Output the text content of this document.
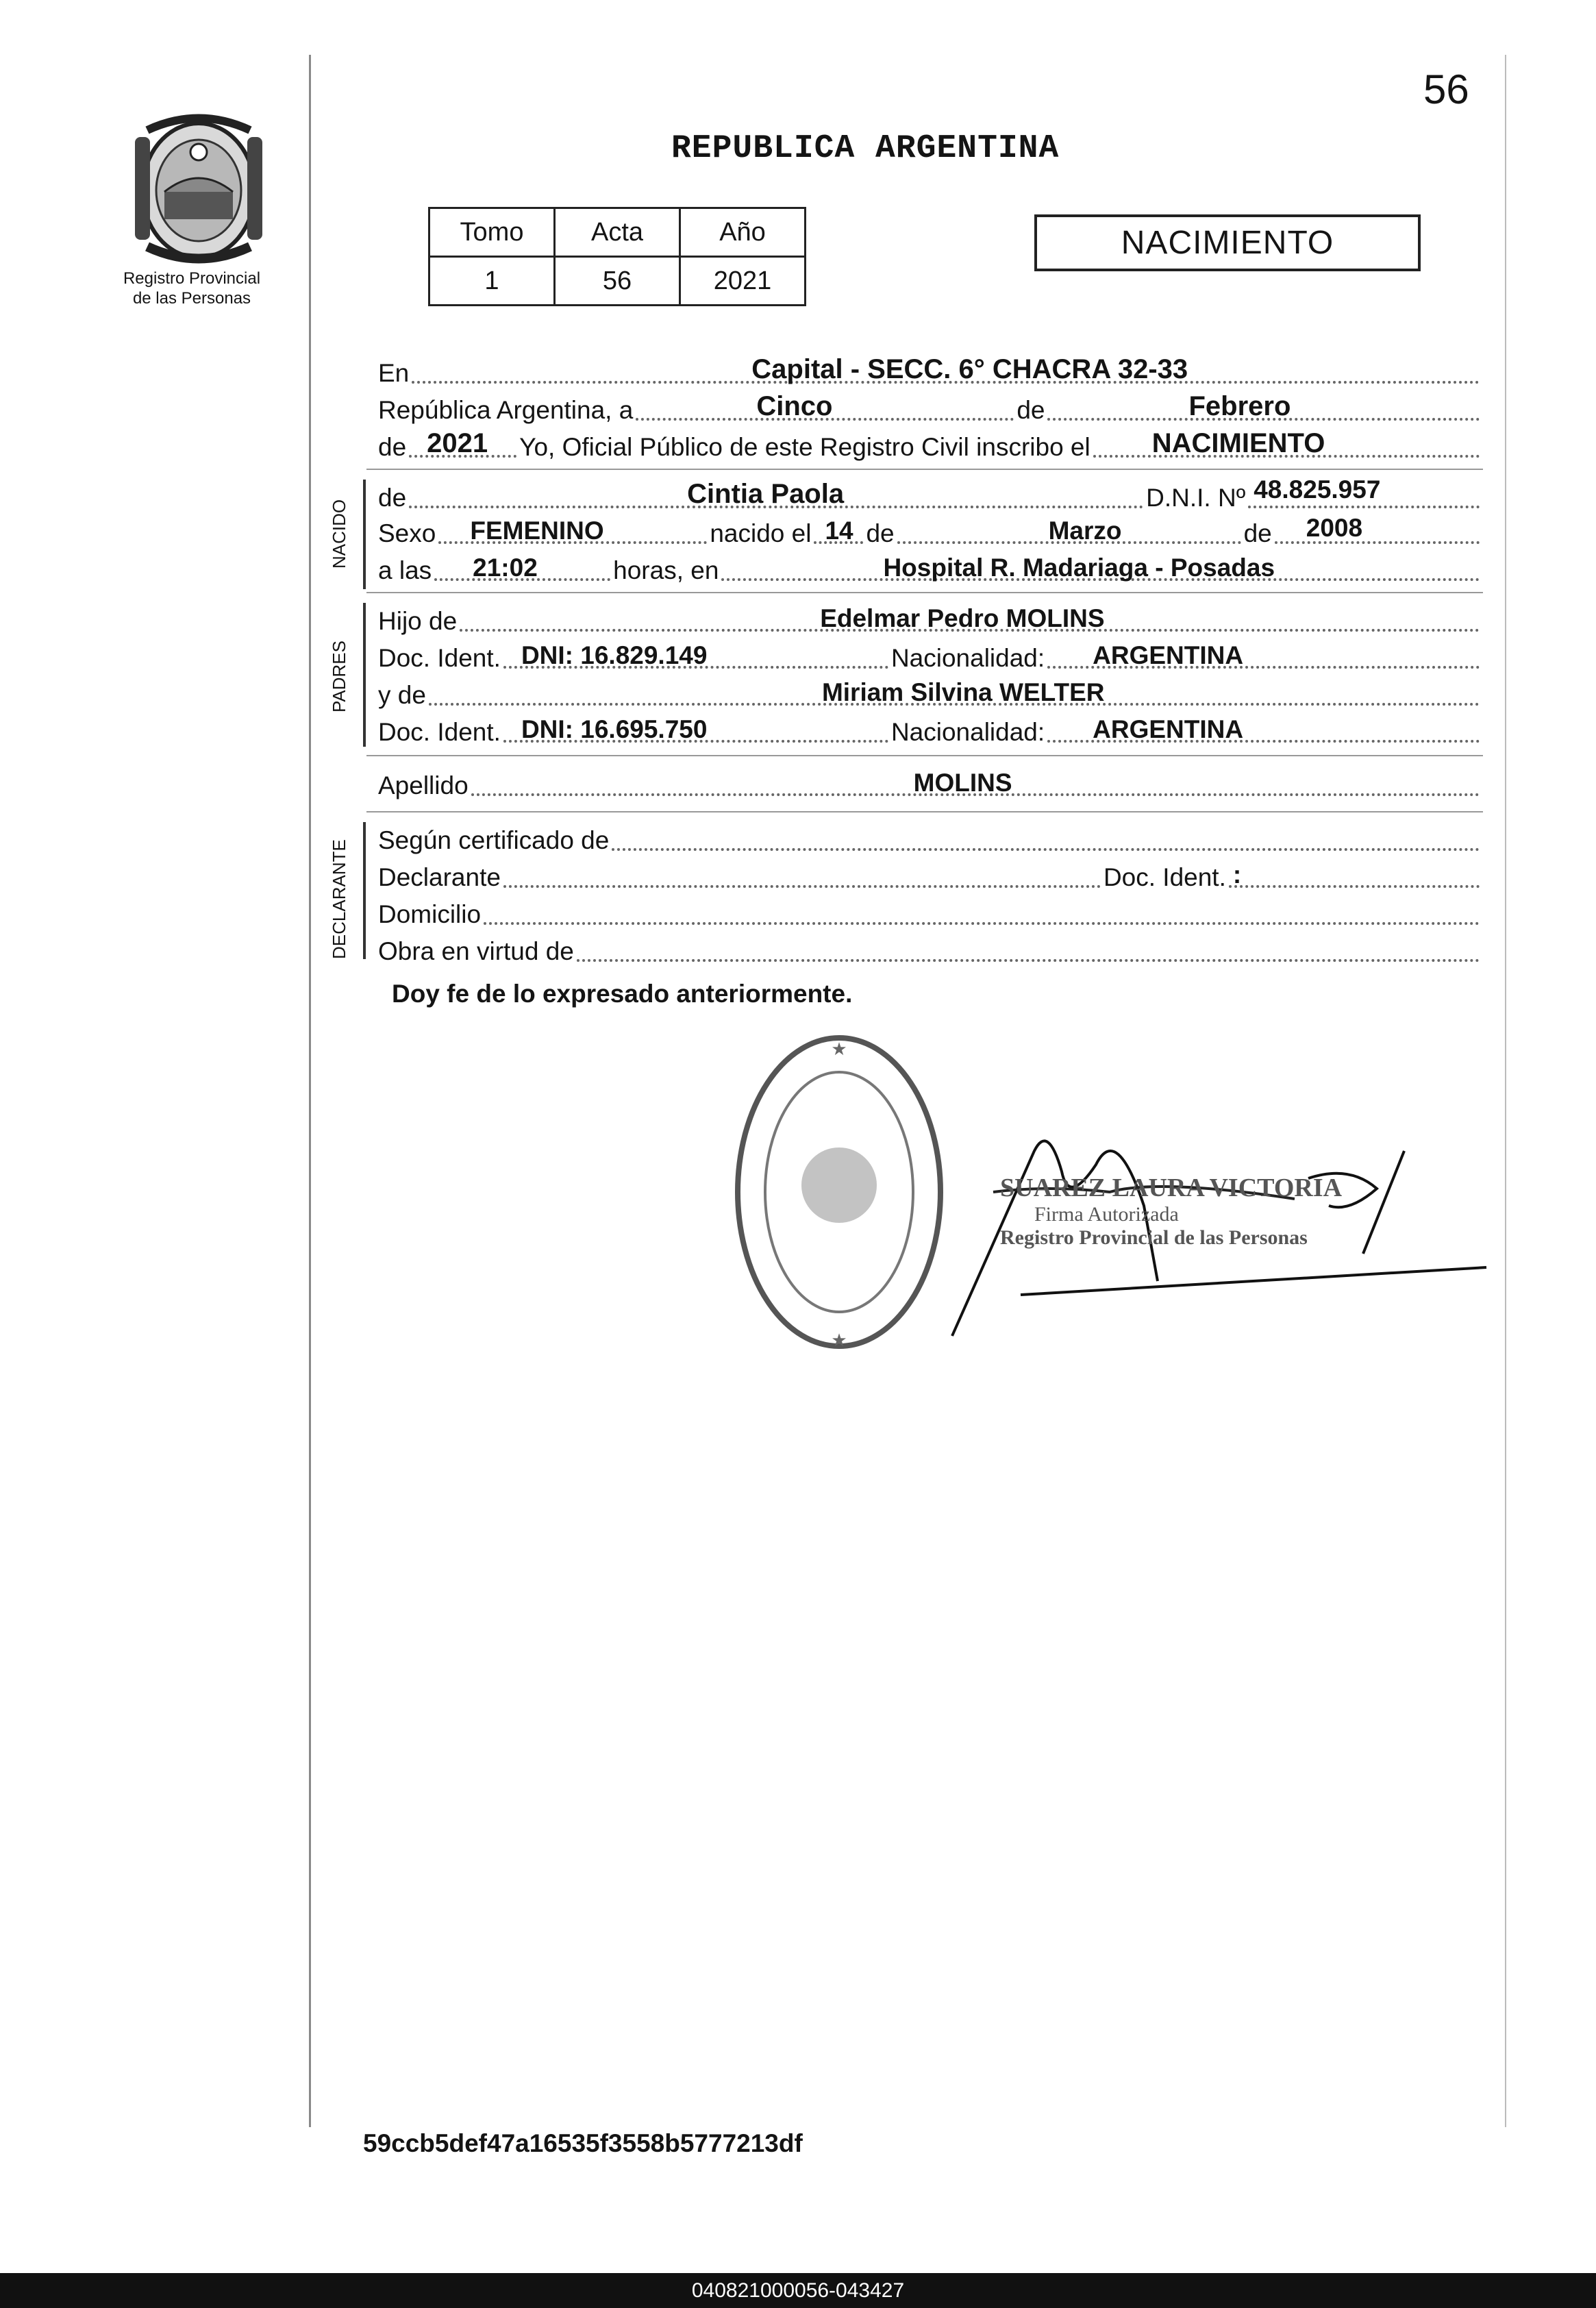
56
REPUBLICA ARGENTINA
Registro Provincial
de las Personas
Tomo	Acta	Año
1	56	2021
NACIMIENTO
En	Capital - SECC. 6° CHACRA 32-33
República Argentina, a	Cinco	de	Febrero
de 2021 Yo, Oficial Público de este Registro Civil inscribo el NACIMIENTO
NACIDO
de	Cintia Paola	D.N.I. Nº 48.825.957
Sexo FEMENINO	nacido el 14 de	Marzo	de 2008
a las 21:02	horas, en	Hospital R. Madariaga - Posadas
PADRES
Hijo de	Edelmar Pedro MOLINS
Doc. Ident. DNI: 16.829.149	Nacionalidad: ARGENTINA
y de	Miriam Silvina WELTER
Doc. Ident. DNI: 16.695.750	Nacionalidad: ARGENTINA
Apellido	MOLINS
DECLARANTE Según certificado de
Declarante	Doc. Ident. :
Domicilio
Obra en virtud de
Doy fe de lo expresado anteriormente.
★
★
SUAREZ LAURA VICTORIA
Firma Autorizada
Registro Provincial de las Personas
59ccb5def47a16535f3558b5777213df
040821000056-043427
